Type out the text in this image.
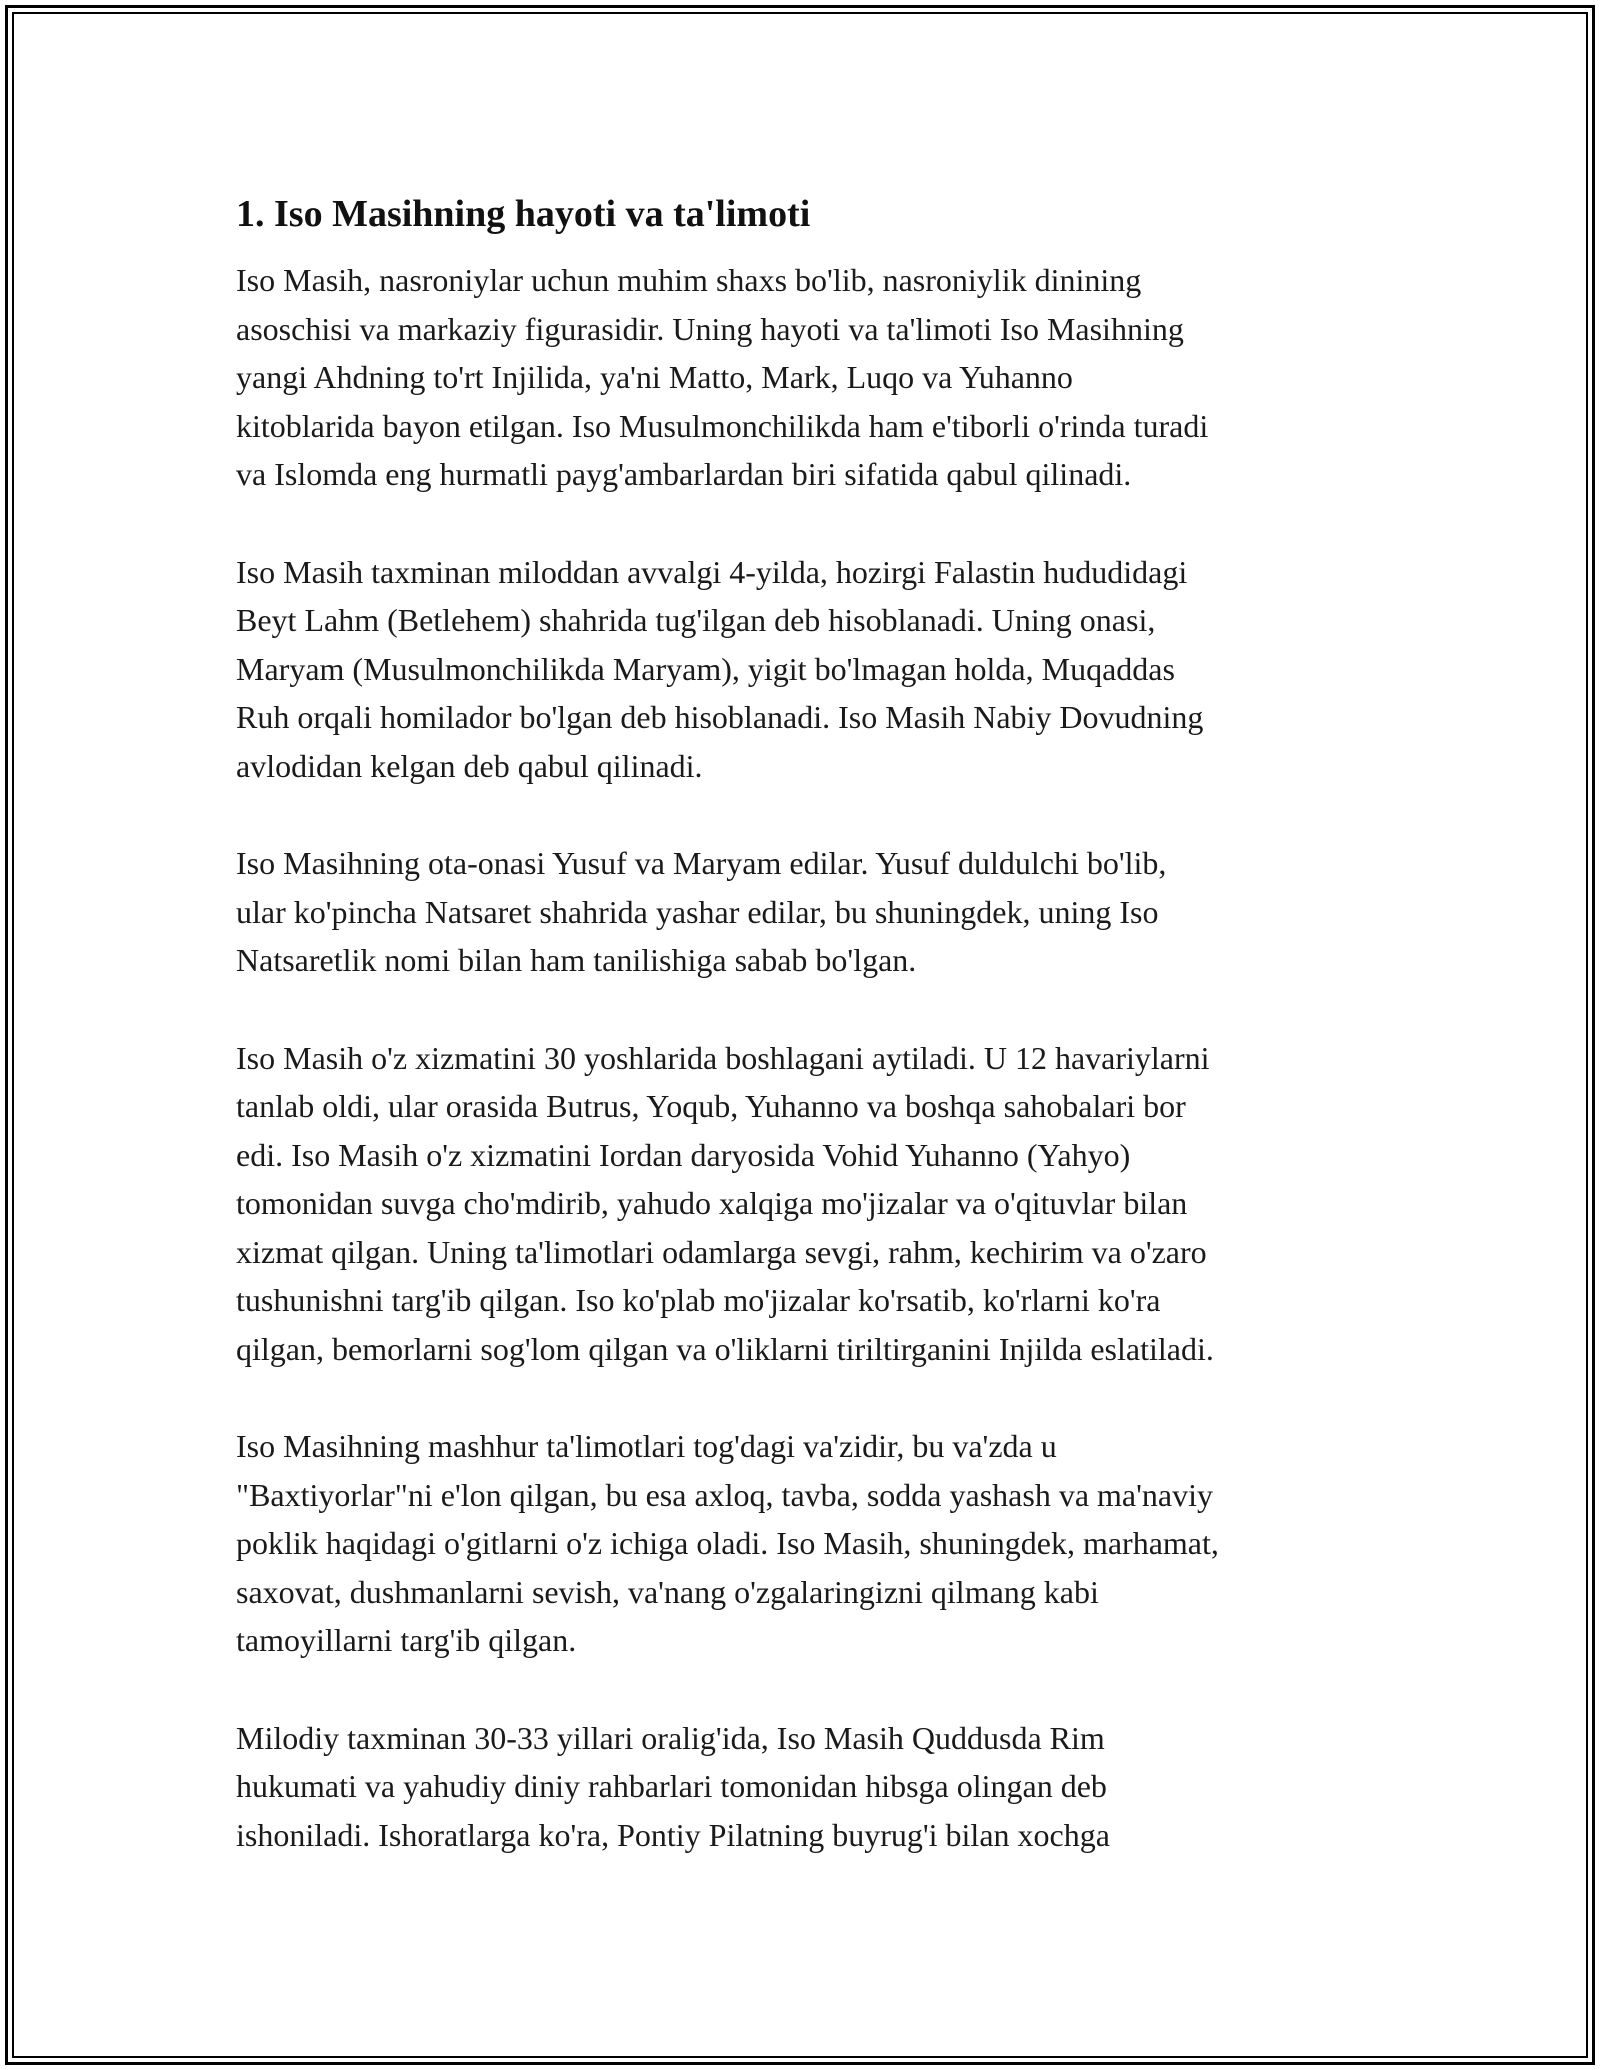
1. Iso Masihning hayoti va ta'limoti

Iso Masih, nasroniylar uchun muhim shaxs bo'lib, nasroniylik dinining
asoschisi va markaziy figurasidir. Uning hayoti va ta'limoti Iso Masihning
yangi Ahdning to'rt Injilida, ya'ni Matto, Mark, Luqo va Yuhanno
kitoblarida bayon etilgan. Iso Musulmonchilikda ham e'tiborli o'rinda turadi
va Islomda eng hurmatli payg'ambarlardan biri sifatida qabul qilinadi.

Iso Masih taxminan miloddan avvalgi 4-yilda, hozirgi Falastin hududidagi
Beyt Lahm (Betlehem) shahrida tug'ilgan deb hisoblanadi. Uning onasi,
Maryam (Musulmonchilikda Maryam), yigit bo'lmagan holda, Muqaddas
Ruh orqali homilador bo'lgan deb hisoblanadi. Iso Masih Nabiy Dovudning
avlodidan kelgan deb qabul qilinadi.

Iso Masihning ota-onasi Yusuf va Maryam edilar. Yusuf duldulchi bo'lib,
ular ko'pincha Natsaret shahrida yashar edilar, bu shuningdek, uning Iso
Natsaretlik nomi bilan ham tanilishiga sabab bo'lgan.

Iso Masih o'z xizmatini 30 yoshlarida boshlagani aytiladi. U 12 havariylarni
tanlab oldi, ular orasida Butrus, Yoqub, Yuhanno va boshqa sahobalari bor
edi. Iso Masih o'z xizmatini Iordan daryosida Vohid Yuhanno (Yahyo)
tomonidan suvga cho'mdirib, yahudo xalqiga mo'jizalar va o'qituvlar bilan
xizmat qilgan. Uning ta'limotlari odamlarga sevgi, rahm, kechirim va o'zaro
tushunishni targ'ib qilgan. Iso ko'plab mo'jizalar ko'rsatib, ko'rlarni ko'ra
qilgan, bemorlarni sog'lom qilgan va o'liklarni tiriltirganini Injilda eslatiladi.

Iso Masihning mashhur ta'limotlari tog'dagi va'zidir, bu va'zda u
"Baxtiyorlar"ni e'lon qilgan, bu esa axloq, tavba, sodda yashash va ma'naviy
poklik haqidagi o'gitlarni o'z ichiga oladi. Iso Masih, shuningdek, marhamat,
saxovat, dushmanlarni sevish, va'nang o'zgalaringizni qilmang kabi
tamoyillarni targ'ib qilgan.

Milodiy taxminan 30-33 yillari oralig'ida, Iso Masih Quddusda Rim
hukumati va yahudiy diniy rahbarlari tomonidan hibsga olingan deb
ishoniladi. Ishoratlarga ko'ra, Pontiy Pilatning buyrug'i bilan xochga
